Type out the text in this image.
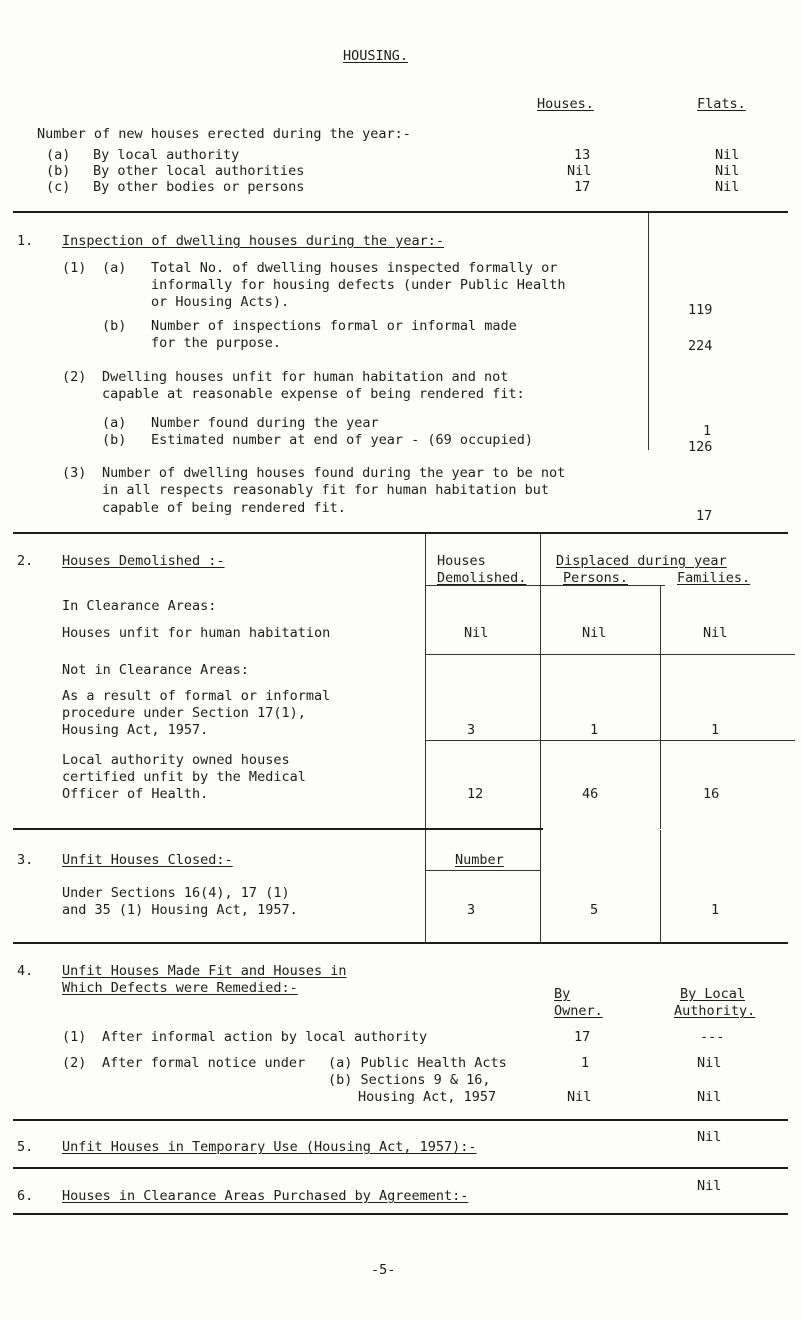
HOUSING.
Houses.	Flats.
Number of new houses erected during the year:-
(a) By local authority	13	Nil
(b) By other local authorities	Nil	Nil
(c) By other bodies or persons	17	Nil
1. Inspection of dwelling houses during the year:-
(1) (a) Total No. of dwelling houses inspected formally or
informally for housing defects (under Public Health
or Housing Acts).	119
(b) Number of inspections formal or informal made
for the purpose.	224
(2) Dwelling houses unfit for human habitation and not
capable at reasonable expense of being rendered fit:
(a) Number found during the year	1
(b) Estimated number at end of year - (69 occupied)	126
(3) Number of dwelling houses found during the year to be not
in all respects reasonably fit for human habitation but
capable of being rendered fit.	17
2. Houses Demolished :-	Houses
Demolished.
Displaced during year
Persons.	Families.
In Clearance Areas:
Houses unfit for human habitation	Nil	Nil	Nil
Not in Clearance Areas:
As a result of formal or informal
procedure under Section 17(1),
Housing Act, 1957.	3	1	1
Local authority owned houses
certified unfit by the Medical
Officer of Health.	12	46	16
3. Unfit Houses Closed:-	Number
Under Sections 16(4), 17 (1)
and 35 (1) Housing Act, 1957.	3	5	1
4. Unfit Houses Made Fit and Houses in
Which Defects were Remedied:-	By
Owner.
By Local
Authority.
(1) After informal action by local authority	17	---
(2) After formal notice under (a) Public Health Acts	1	Nil
(b) Sections 9 & 16,
Housing Act, 1957	Nil	Nil
5. Unfit Houses in Temporary Use (Housing Act, 1957):-
Nil
6. Houses in Clearance Areas Purchased by Agreement:-
Nil
-5-
